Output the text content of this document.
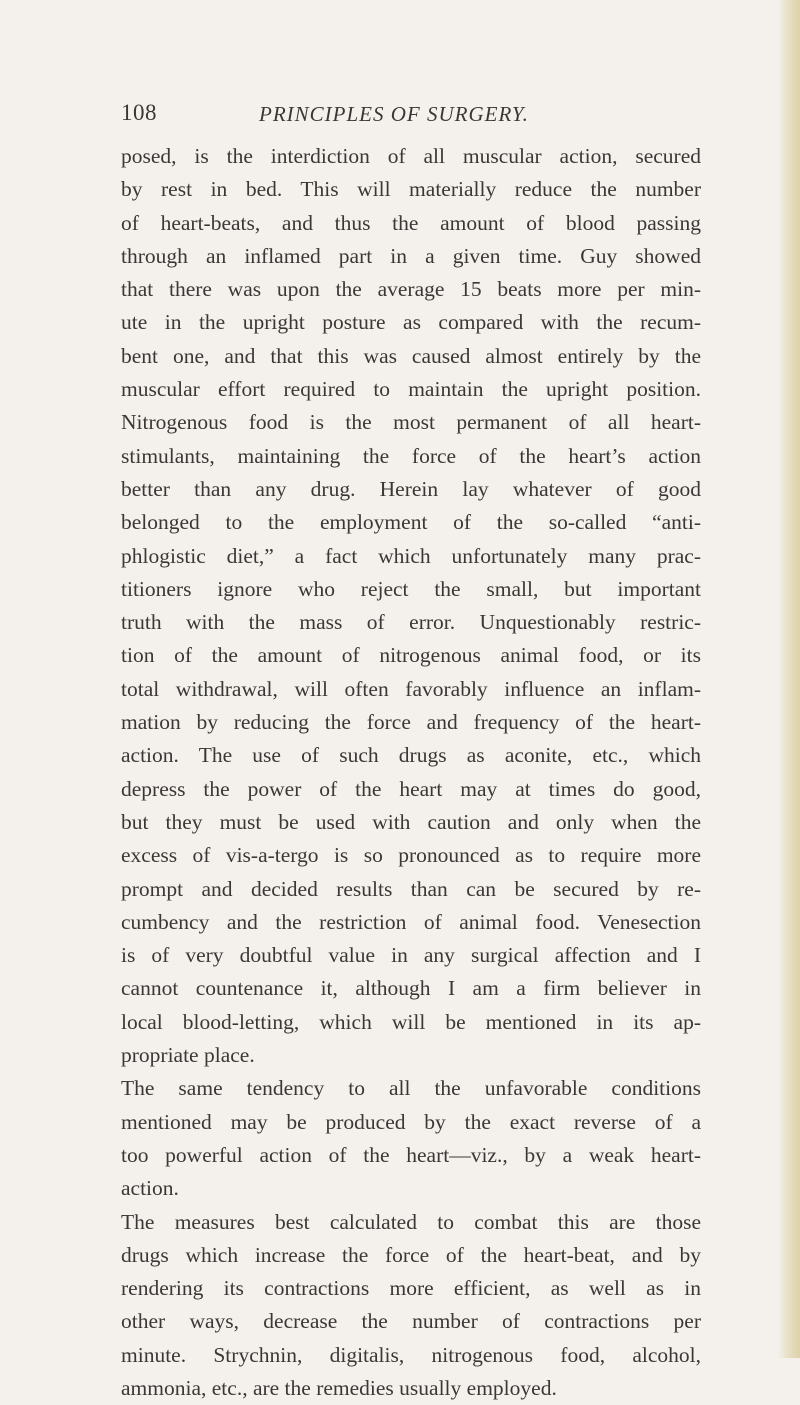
108	PRINCIPLES OF SURGERY.
posed, is the interdiction of all muscular action, secured
by rest in bed. This will materially reduce the number
of heart-beats, and thus the amount of blood passing
through an inflamed part in a given time. Guy showed
that there was upon the average 15 beats more per min-
ute in the upright posture as compared with the recum-
bent one, and that this was caused almost entirely by the
muscular effort required to maintain the upright position.
Nitrogenous food is the most permanent of all heart-
stimulants, maintaining the force of the heart’s action
better than any drug. Herein lay whatever of good
belonged to the employment of the so-called “anti-
phlogistic diet,” a fact which unfortunately many prac-
titioners ignore who reject the small, but important
truth with the mass of error. Unquestionably restric-
tion of the amount of nitrogenous animal food, or its
total withdrawal, will often favorably influence an inflam-
mation by reducing the force and frequency of the heart-
action. The use of such drugs as aconite, etc., which
depress the power of the heart may at times do good,
but they must be used with caution and only when the
excess of vis-a-tergo is so pronounced as to require more
prompt and decided results than can be secured by re-
cumbency and the restriction of animal food. Venesection
is of very doubtful value in any surgical affection and I
cannot countenance it, although I am a firm believer in
local blood-letting, which will be mentioned in its ap-
propriate place.
The same tendency to all the unfavorable conditions
mentioned may be produced by the exact reverse of a
too powerful action of the heart—viz., by a weak heart-
action.
The measures best calculated to combat this are those
drugs which increase the force of the heart-beat, and by
rendering its contractions more efficient, as well as in
other ways, decrease the number of contractions per
minute. Strychnin, digitalis, nitrogenous food, alcohol,
ammonia, etc., are the remedies usually employed.
